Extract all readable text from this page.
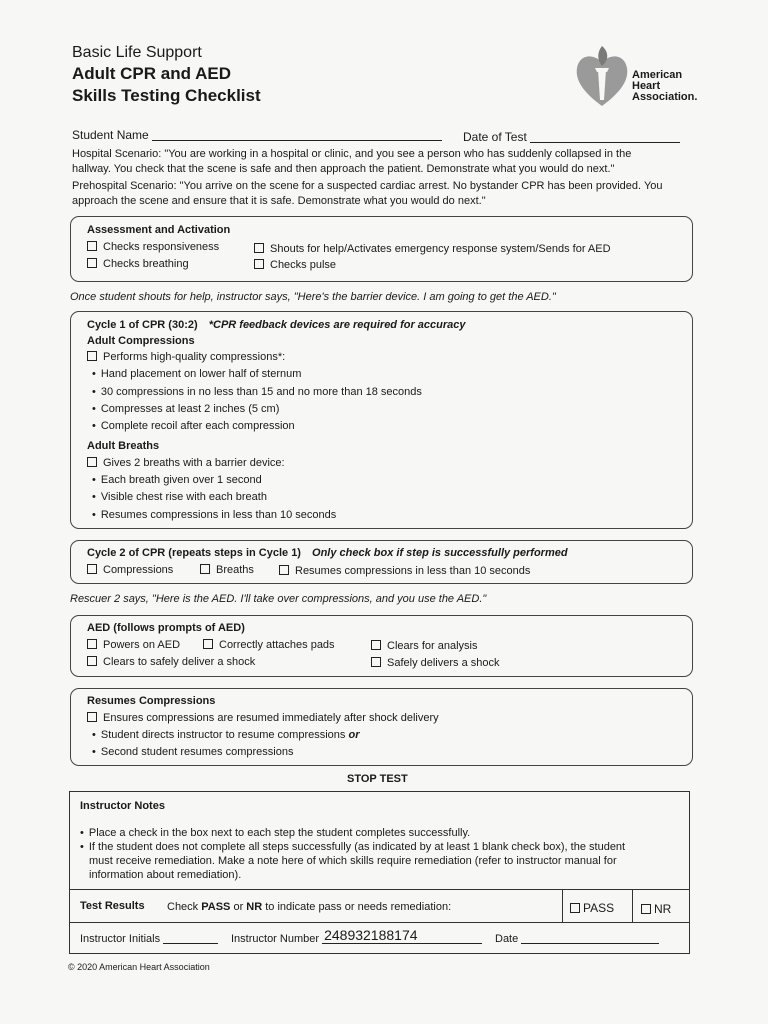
Basic Life Support
Adult CPR and AED
Skills Testing Checklist
American
Heart
Association.
Student Name	Date of Test
Hospital Scenario: "You are working in a hospital or clinic, and you see a person who has suddenly collapsed in the
hallway. You check that the scene is safe and then approach the patient. Demonstrate what you would do next."
Prehospital Scenario: "You arrive on the scene for a suspected cardiac arrest. No bystander CPR has been provided. You
approach the scene and ensure that it is safe. Demonstrate what you would do next."
Assessment and Activation
Checks responsiveness	Shouts for help/Activates emergency response system/Sends for AED
Checks breathing	Checks pulse
Once student shouts for help, instructor says, "Here's the barrier device. I am going to get the AED."
Cycle 1 of CPR (30:2) *CPR feedback devices are required for accuracy
Adult Compressions
Performs high-quality compressions*:
• Hand placement on lower half of sternum
• 30 compressions in no less than 15 and no more than 18 seconds
• Compresses at least 2 inches (5 cm)
• Complete recoil after each compression
Adult Breaths
Gives 2 breaths with a barrier device:
• Each breath given over 1 second
• Visible chest rise with each breath
• Resumes compressions in less than 10 seconds
Cycle 2 of CPR (repeats steps in Cycle 1) Only check box if step is successfully performed
Compressions	Breaths	Resumes compressions in less than 10 seconds
Rescuer 2 says, "Here is the AED. I'll take over compressions, and you use the AED."
AED (follows prompts of AED)
Powers on AED	Correctly attaches pads	Clears for analysis
Clears to safely deliver a shock	Safely delivers a shock
Resumes Compressions
Ensures compressions are resumed immediately after shock delivery
• Student directs instructor to resume compressions or
• Second student resumes compressions
STOP TEST
Instructor Notes
• Place a check in the box next to each step the student completes successfully.
• If the student does not complete all steps successfully (as indicated by at least 1 blank check box), the student
must receive remediation. Make a note here of which skills require remediation (refer to instructor manual for
information about remediation).
Test Results Check PASS or NR to indicate pass or needs remediation:	PASS	NR
Instructor Initials	Instructor Number 248932188174	Date
© 2020 American Heart Association
